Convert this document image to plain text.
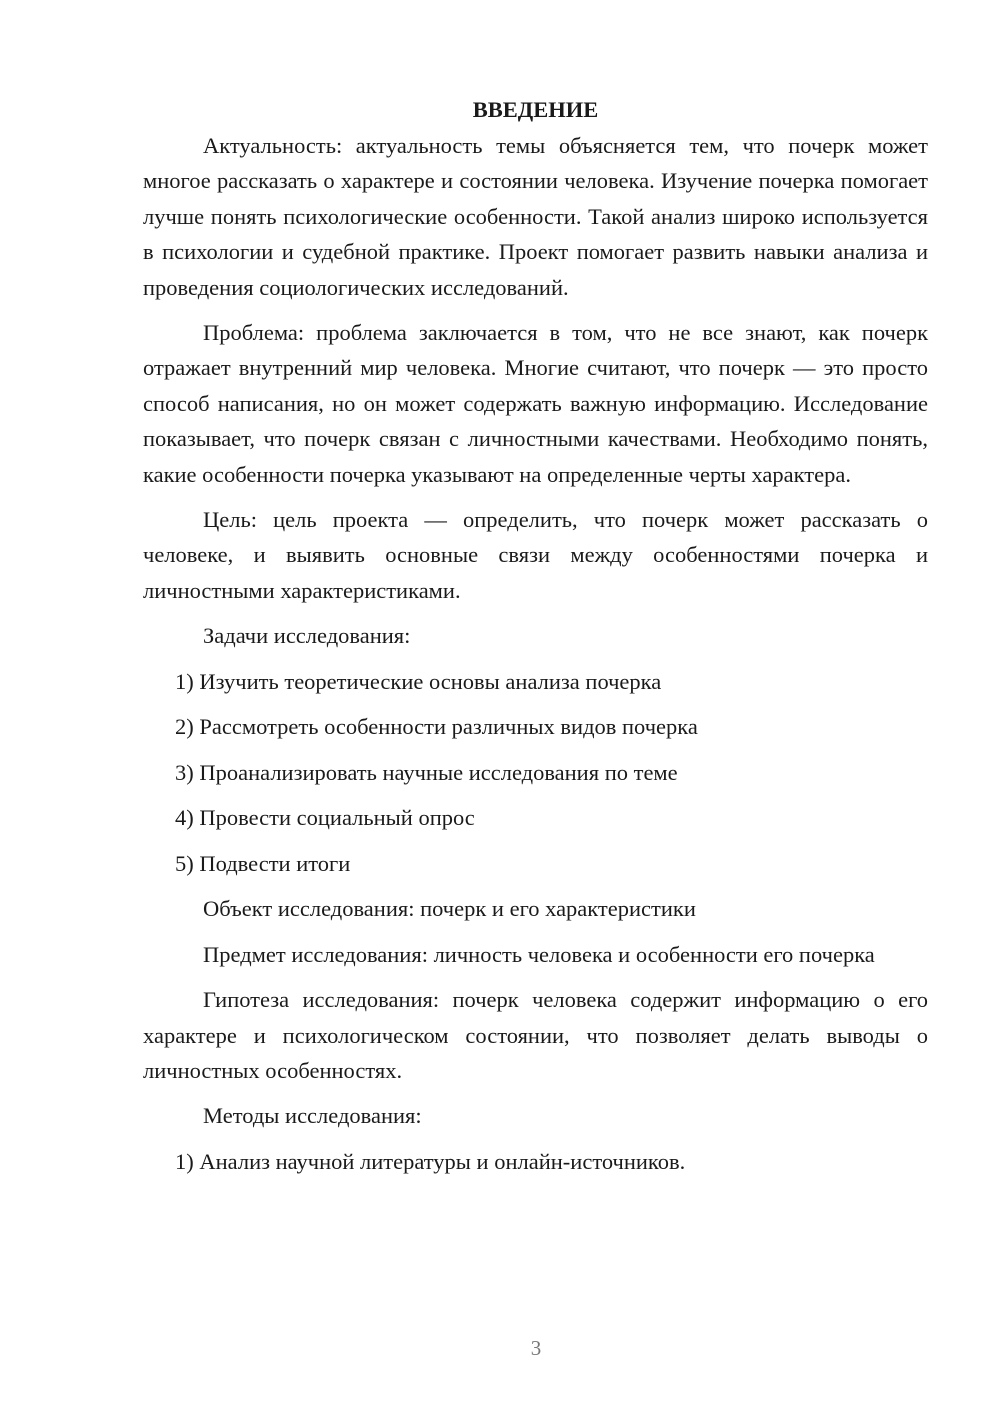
ВВЕДЕНИЕ

Актуальность: актуальность темы объясняется тем, что почерк может многое рассказать о характере и состоянии человека. Изучение почерка помогает лучше понять психологические особенности. Такой анализ широко используется в психологии и судебной практике. Проект помогает развить навыки анализа и проведения социологических исследований.

Проблема: проблема заключается в том, что не все знают, как почерк отражает внутренний мир человека. Многие считают, что почерк — это просто способ написания, но он может содержать важную информацию. Исследование показывает, что почерк связан с личностными качествами. Необходимо понять, какие особенности почерка указывают на определенные черты характера.

Цель: цель проекта — определить, что почерк может рассказать о человеке, и выявить основные связи между особенностями почерка и личностными характеристиками.

Задачи исследования:
1) Изучить теоретические основы анализа почерка
2) Рассмотреть особенности различных видов почерка
3) Проанализировать научные исследования по теме
4) Провести социальный опрос
5) Подвести итоги
Объект исследования: почерк и его характеристики

Предмет исследования: личность человека и особенности его почерка

Гипотеза исследования: почерк человека содержит информацию о его характере и психологическом состоянии, что позволяет делать выводы о личностных особенностях.

Методы исследования:
1) Анализ научной литературы и онлайн-источников.
3
